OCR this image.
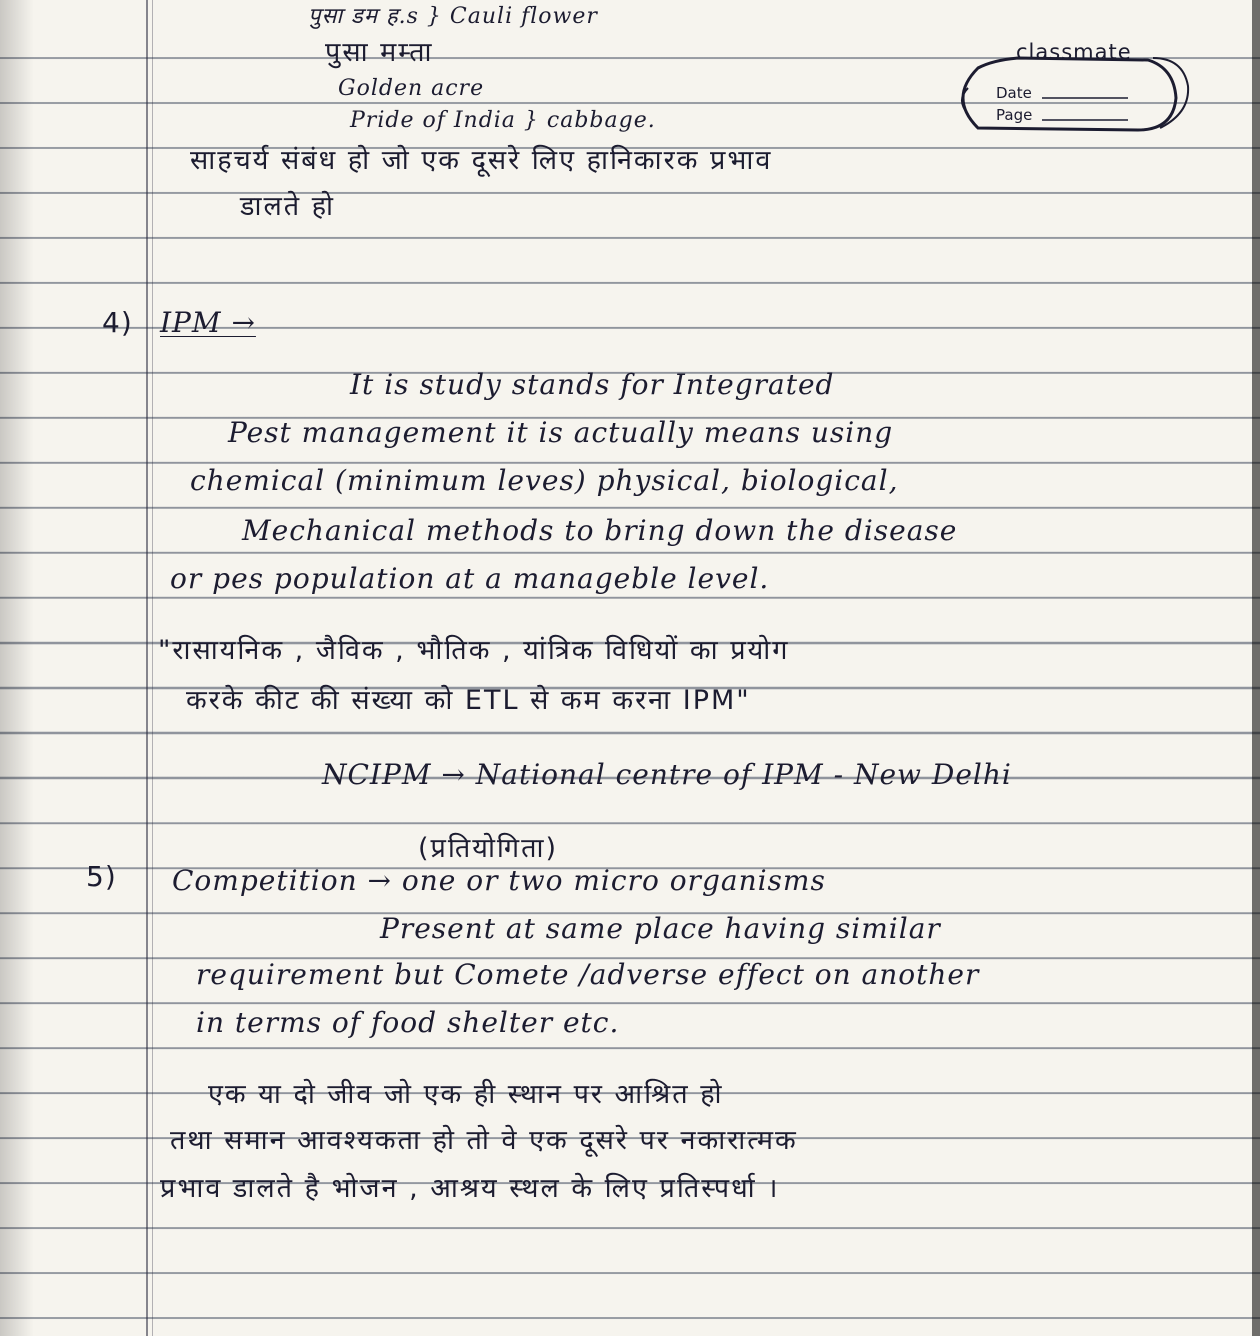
classmate
Date
Page
पुसा डम ह.s } Cauli flower
पुसा मम्ता
Golden acre
Pride of India } cabbage.
साहचर्य संबंध हो जो एक दूसरे लिए हानिकारक प्रभाव
डालते हो
4) IPM →
It is study stands for Integrated
Pest management it is actually means using
chemical (minimum leves) physical, biological,
Mechanical methods to bring down the disease
or pes population at a manageble level.
"रासायनिक , जैविक , भौतिक , यांत्रिक विधियों का प्रयोग
करके कीट की संख्या को ETL से कम करना IPM"
NCIPM → National centre of IPM - New Delhi
(प्रतियोगिता)
5) Competition → one or two micro organisms
Present at same place having similar
requirement but Comete /adverse effect on another
in terms of food shelter etc.
एक या दो जीव जो एक ही स्थान पर आश्रित हो
तथा समान आवश्यकता हो तो वे एक दूसरे पर नकारात्मक
प्रभाव डालते है भोजन , आश्रय स्थल के लिए प्रतिस्पर्धा ।
